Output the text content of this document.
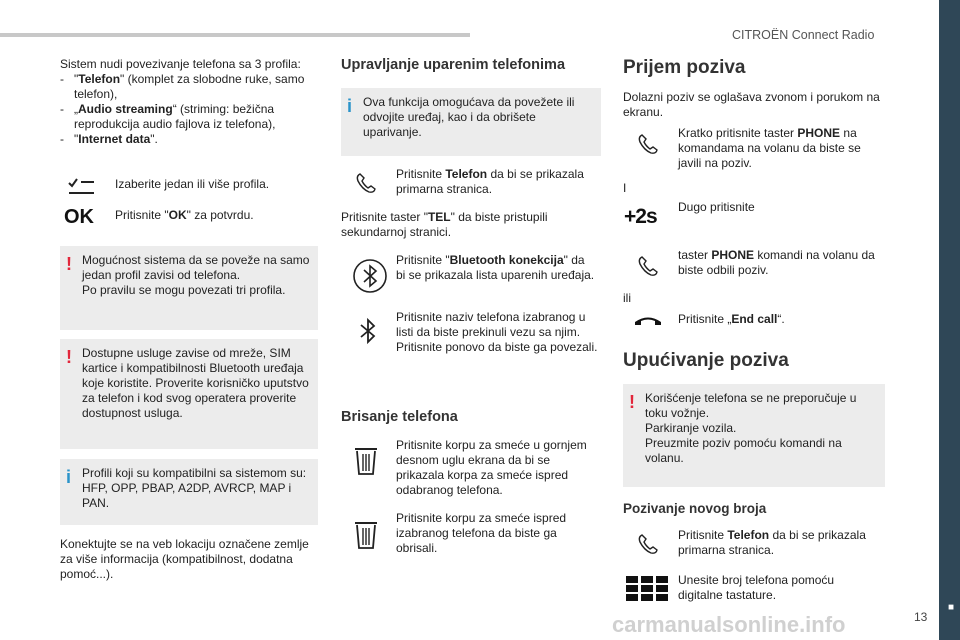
CITROËN Connect Radio
■
13
carmanualsonline.info
Sistem nudi povezivanje telefona sa 3 profila:
- "Telefon" (komplet za slobodne ruke, samo telefon),
- „Audio streaming“ (striming: bežična reprodukcija audio fajlova iz telefona),
- "Internet data".
Izaberite jedan ili više profila.
OK Pritisnite "OK" za potvrdu.
! Mogućnost sistema da se poveže na samo jedan profil zavisi od telefona.
Po pravilu se mogu povezati tri profila.
! Dostupne usluge zavise od mreže, SIM kartice i kompatibilnosti Bluetooth uređaja koje koristite. Proverite korisničko uputstvo za telefon i kod svog operatera proverite dostupnost usluga.
i Profili koji su kompatibilni sa sistemom su: HFP, OPP, PBAP, A2DP, AVRCP, MAP i PAN.
Konektujte se na veb lokaciju označene zemlje za više informacija (kompatibilnost, dodatna pomoć...).
Upravljanje uparenim telefonima
i Ova funkcija omogućava da povežete ili odvojite uređaj, kao i da obrišete uparivanje.
Pritisnite Telefon da bi se prikazala primarna stranica.
Pritisnite taster "TEL" da biste pristupili sekundarnoj stranici.
Pritisnite "Bluetooth konekcija" da bi se prikazala lista uparenih uređaja.
Pritisnite naziv telefona izabranog u listi da biste prekinuli vezu sa njim.
Pritisnite ponovo da biste ga povezali.
Brisanje telefona
Pritisnite korpu za smeće u gornjem desnom uglu ekrana da bi se prikazala korpa za smeće ispred odabranog telefona.
Pritisnite korpu za smeće ispred izabranog telefona da biste ga obrisali.
Prijem poziva
Dolazni poziv se oglašava zvonom i porukom na ekranu.
Kratko pritisnite taster PHONE na komandama na volanu da biste se javili na poziv.
I
+2s	Dugo pritisnite
taster PHONE komandi na volanu da biste odbili poziv.
ili
Pritisnite „End call“.
Upućivanje poziva
! Korišćenje telefona se ne preporučuje u toku vožnje.
Parkiranje vozila.
Preuzmite poziv pomoću komandi na volanu.
Pozivanje novog broja
Pritisnite Telefon da bi se prikazala primarna stranica.
Unesite broj telefona pomoću digitalne tastature.
